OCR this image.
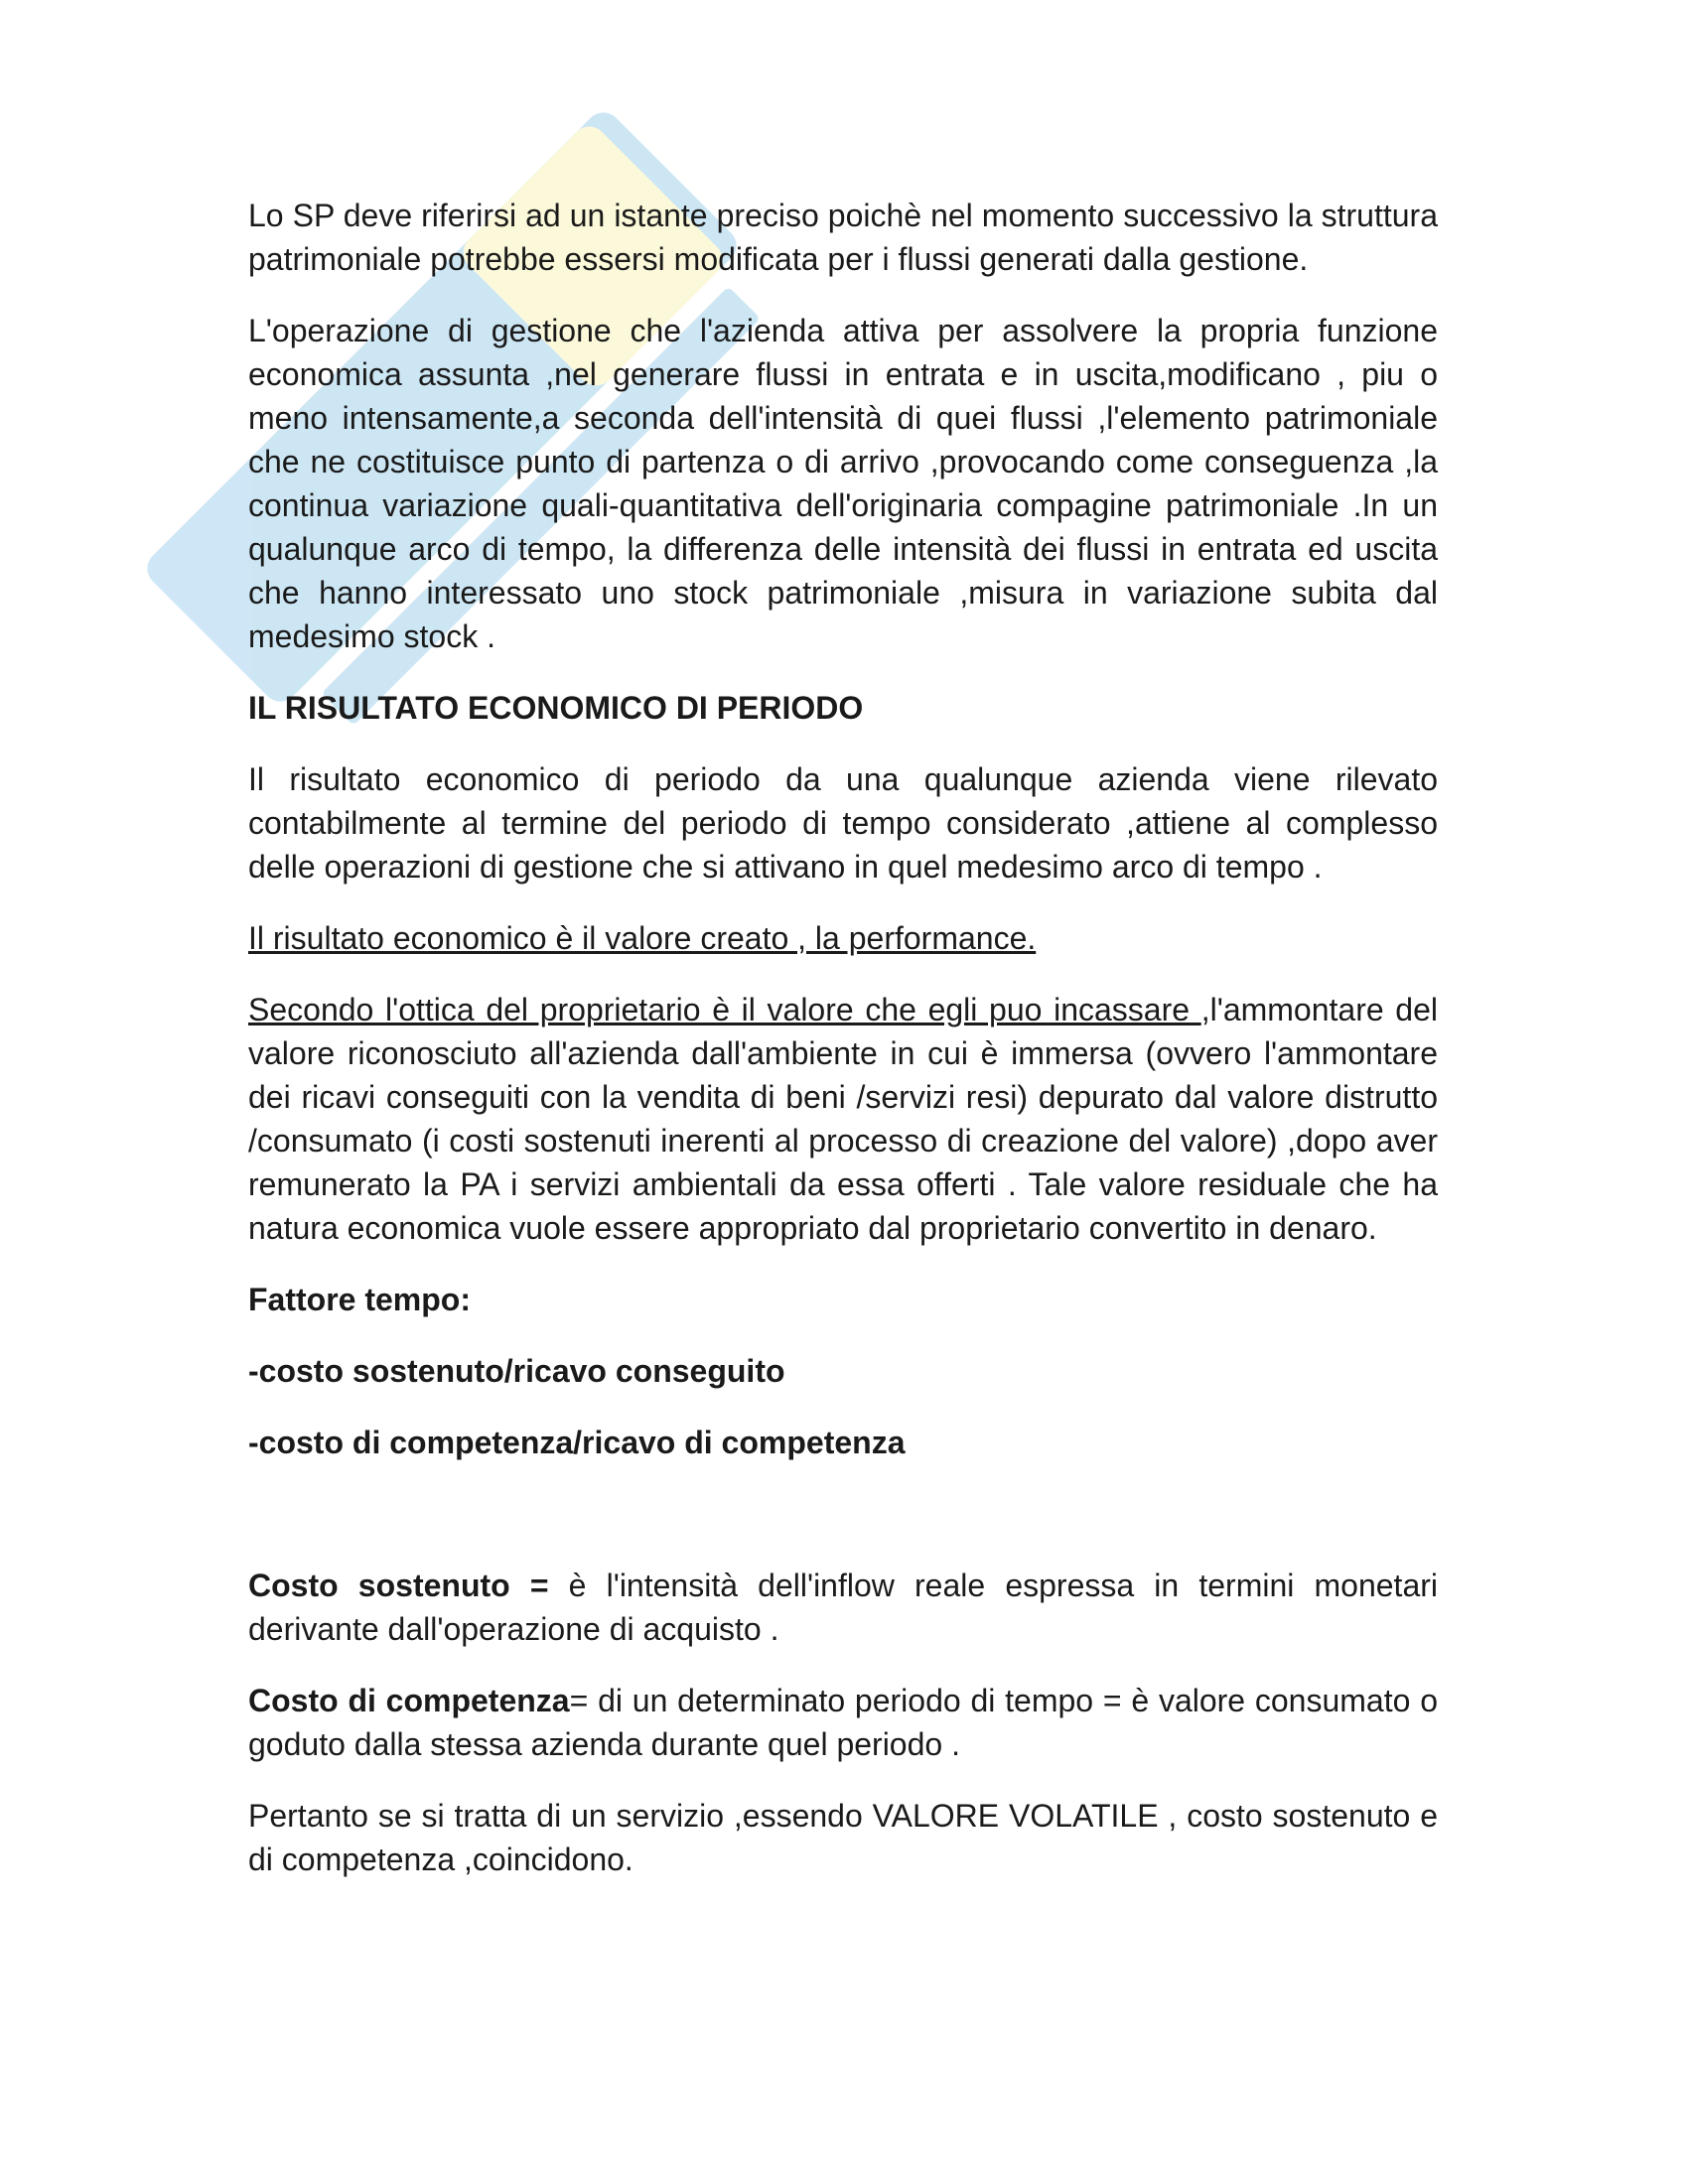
Lo SP deve riferirsi ad un istante preciso poichè nel momento successivo la struttura patrimoniale potrebbe essersi modificata per i flussi generati dalla gestione.

L'operazione di gestione che l'azienda attiva per assolvere la propria funzione economica assunta ,nel generare flussi in entrata e in uscita,modificano , piu o meno intensamente,a seconda dell'intensità di quei flussi ,l'elemento patrimoniale che ne costituisce punto di partenza o di arrivo ,provocando come conseguenza ,la continua variazione quali-quantitativa dell'originaria compagine patrimoniale .In un qualunque arco di tempo, la differenza delle intensità dei flussi in entrata ed uscita che hanno interessato uno stock patrimoniale ,misura in variazione subita dal medesimo stock .

IL RISULTATO ECONOMICO DI PERIODO

Il risultato economico di periodo da una qualunque azienda viene rilevato contabilmente al termine del periodo di tempo considerato ,attiene al complesso delle operazioni di gestione che si attivano in quel medesimo arco di tempo .

Il risultato economico è il valore creato , la performance.

Secondo l'ottica del proprietario è il valore che egli puo incassare ,l'ammontare del valore riconosciuto all'azienda dall'ambiente in cui è immersa (ovvero l'ammontare dei ricavi conseguiti con la vendita di beni /servizi resi) depurato dal valore distrutto /consumato (i costi sostenuti inerenti al processo di creazione del valore) ,dopo aver remunerato la PA i servizi ambientali da essa offerti . Tale valore residuale che ha natura economica vuole essere appropriato dal proprietario convertito in denaro.

Fattore tempo:

-costo sostenuto/ricavo conseguito

-costo di competenza/ricavo di competenza

Costo sostenuto = è l'intensità dell'inflow reale espressa in termini monetari derivante dall'operazione di acquisto .

Costo di competenza= di un determinato periodo di tempo = è valore consumato o goduto dalla stessa azienda durante quel periodo .

Pertanto se si tratta di un servizio ,essendo VALORE VOLATILE , costo sostenuto e di competenza ,coincidono.
